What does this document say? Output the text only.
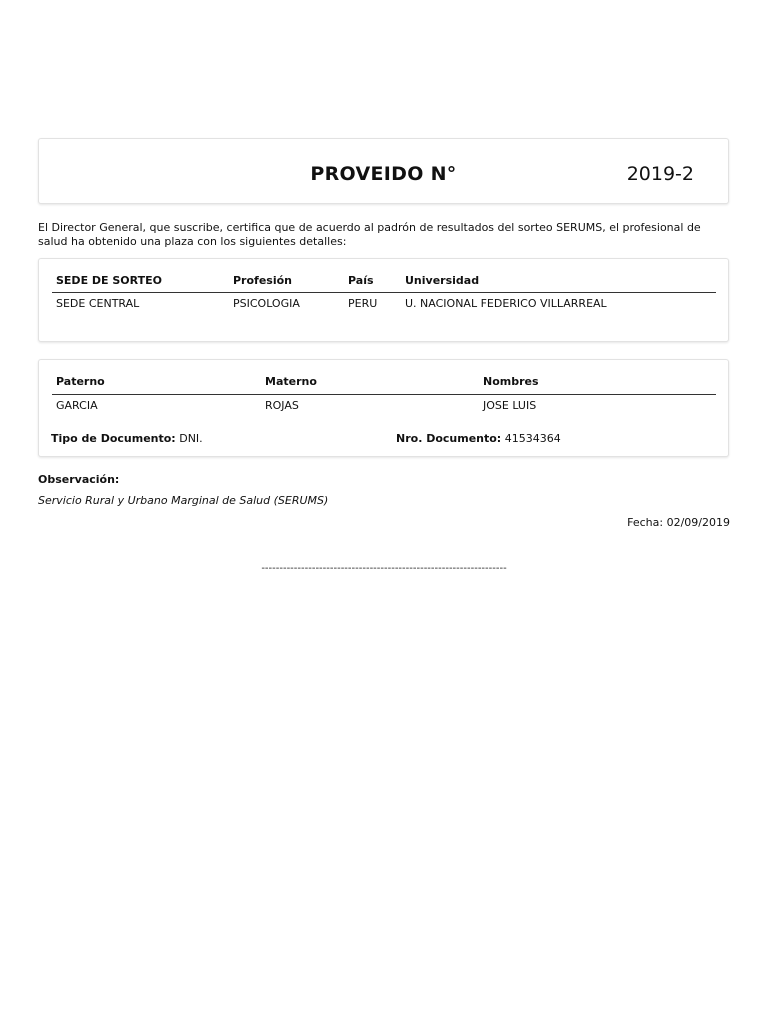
PROVEIDO N°	2019-2
El Director General, que suscribe, certifica que de acuerdo al padrón de resultados del sorteo SERUMS, el profesional de salud ha obtenido una plaza con los siguientes detalles:
SEDE DE SORTEO	Profesión	País	Universidad
SEDE CENTRAL	PSICOLOGIA	PERU	U. NACIONAL FEDERICO VILLARREAL
Paterno	Materno	Nombres
GARCIA	ROJAS	JOSE LUIS
Tipo de Documento: DNI.	Nro. Documento: 41534364
Observación:
Servicio Rural y Urbano Marginal de Salud (SERUMS)
Fecha: 02/09/2019
--------------------------------------------------------------------
